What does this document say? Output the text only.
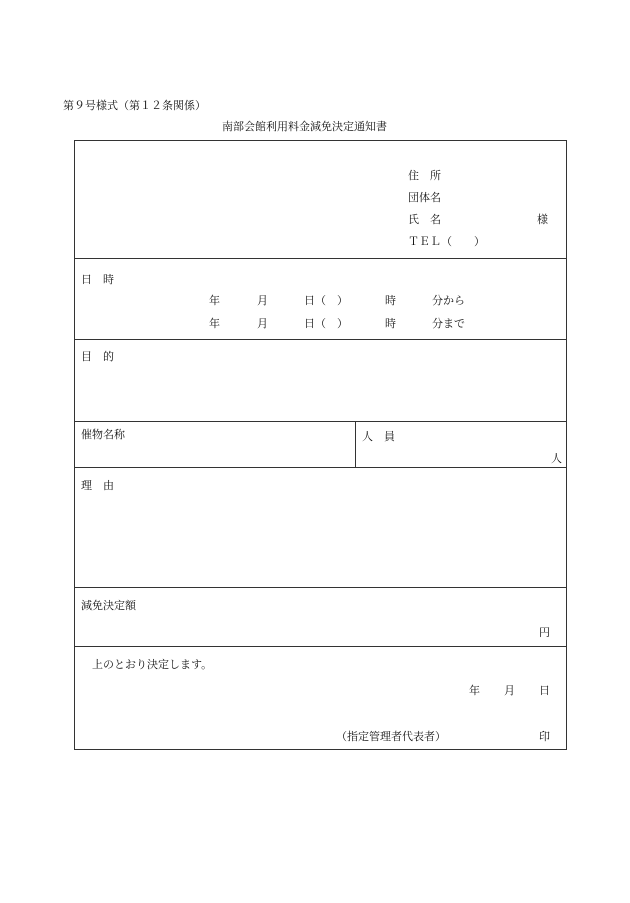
第９号様式（第１２条関係）
南部会館利用料金減免決定通知書
住　所
団体名
氏　名	様
ＴＥＬ（　　）
日　時
年	月	日（　）	時	分から
年	月	日（　）	時	分まで
目　的
催物名称	人　員
人
理　由
減免決定額
円
上のとおり決定します。
年 月 日
（指定管理者代表者）	印
